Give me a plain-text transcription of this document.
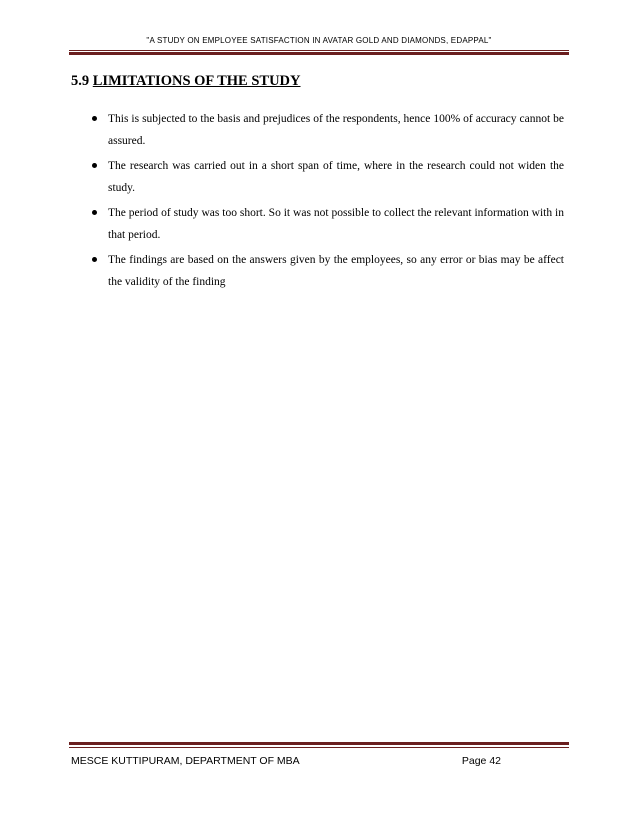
"A STUDY ON EMPLOYEE SATISFACTION IN AVATAR GOLD AND DIAMONDS, EDAPPAL"
5.9 LIMITATIONS OF THE STUDY
This is subjected to the basis and prejudices of the respondents, hence 100% of accuracy cannot be assured.
The research was carried out in a short span of time, where in the research could not widen the study.
The period of study was too short. So it was not possible to collect the relevant information with in that period.
The findings are based on the answers given by the employees, so any error or bias may be affect the validity of the finding
MESCE KUTTIPURAM, DEPARTMENT OF MBA	Page 42
